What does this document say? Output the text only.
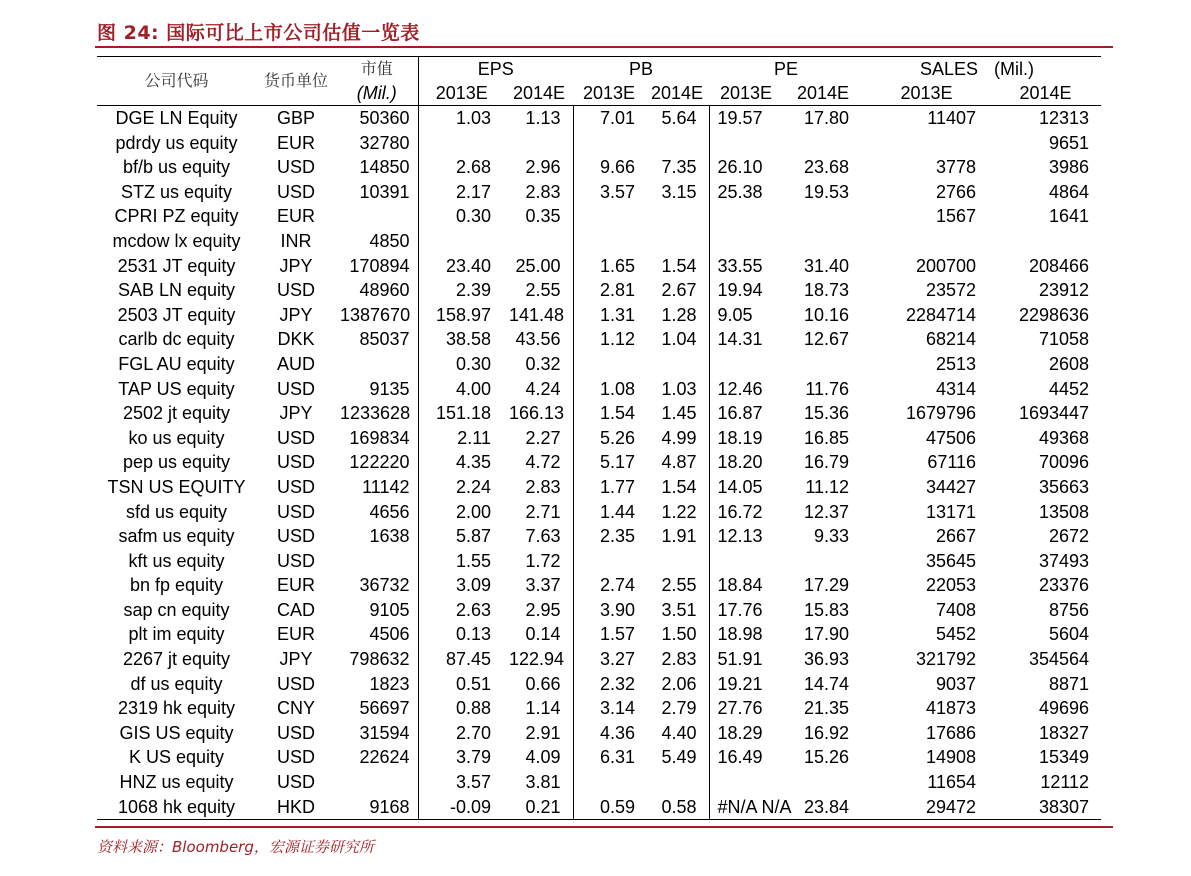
图 24: 国际可比上市公司估值一览表
公司代码	货币单位	市值	EPS		PB		PE		SALES	(Mil.)
		(Mil.)	2013E	2014E	2013E	2014E	2013E	2014E	2013E	2014E
DGE LN Equity	GBP	50360	1.03	1.13	7.01	5.64	19.57	17.80	11407	12313
pdrdy us equity	EUR	32780								9651
bf/b us equity	USD	14850	2.68	2.96	9.66	7.35	26.10	23.68	3778	3986
STZ us equity	USD	10391	2.17	2.83	3.57	3.15	25.38	19.53	2766	4864
CPRI PZ equity	EUR		0.30	0.35					1567	1641
mcdow lx equity	INR	4850								
2531 JT equity	JPY	170894	23.40	25.00	1.65	1.54	33.55	31.40	200700	208466
SAB LN equity	USD	48960	2.39	2.55	2.81	2.67	19.94	18.73	23572	23912
2503 JT equity	JPY	1387670	158.97	141.48	1.31	1.28	9.05	10.16	2284714	2298636
carlb dc equity	DKK	85037	38.58	43.56	1.12	1.04	14.31	12.67	68214	71058
FGL AU equity	AUD		0.30	0.32					2513	2608
TAP US equity	USD	9135	4.00	4.24	1.08	1.03	12.46	11.76	4314	4452
2502 jt equity	JPY	1233628	151.18	166.13	1.54	1.45	16.87	15.36	1679796	1693447
ko us equity	USD	169834	2.11	2.27	5.26	4.99	18.19	16.85	47506	49368
pep us equity	USD	122220	4.35	4.72	5.17	4.87	18.20	16.79	67116	70096
TSN US EQUITY	USD	11142	2.24	2.83	1.77	1.54	14.05	11.12	34427	35663
sfd us equity	USD	4656	2.00	2.71	1.44	1.22	16.72	12.37	13171	13508
safm us equity	USD	1638	5.87	7.63	2.35	1.91	12.13	9.33	2667	2672
kft us equity	USD		1.55	1.72					35645	37493
bn fp equity	EUR	36732	3.09	3.37	2.74	2.55	18.84	17.29	22053	23376
sap cn equity	CAD	9105	2.63	2.95	3.90	3.51	17.76	15.83	7408	8756
plt im equity	EUR	4506	0.13	0.14	1.57	1.50	18.98	17.90	5452	5604
2267 jt equity	JPY	798632	87.45	122.94	3.27	2.83	51.91	36.93	321792	354564
df us equity	USD	1823	0.51	0.66	2.32	2.06	19.21	14.74	9037	8871
2319 hk equity	CNY	56697	0.88	1.14	3.14	2.79	27.76	21.35	41873	49696
GIS US equity	USD	31594	2.70	2.91	4.36	4.40	18.29	16.92	17686	18327
K US equity	USD	22624	3.79	4.09	6.31	5.49	16.49	15.26	14908	15349
HNZ us equity	USD		3.57	3.81					11654	12112
1068 hk equity	HKD	9168	-0.09	0.21	0.59	0.58	#N/A N/A	23.84	29472	38307
资料来源：Bloomberg，宏源证券研究所
